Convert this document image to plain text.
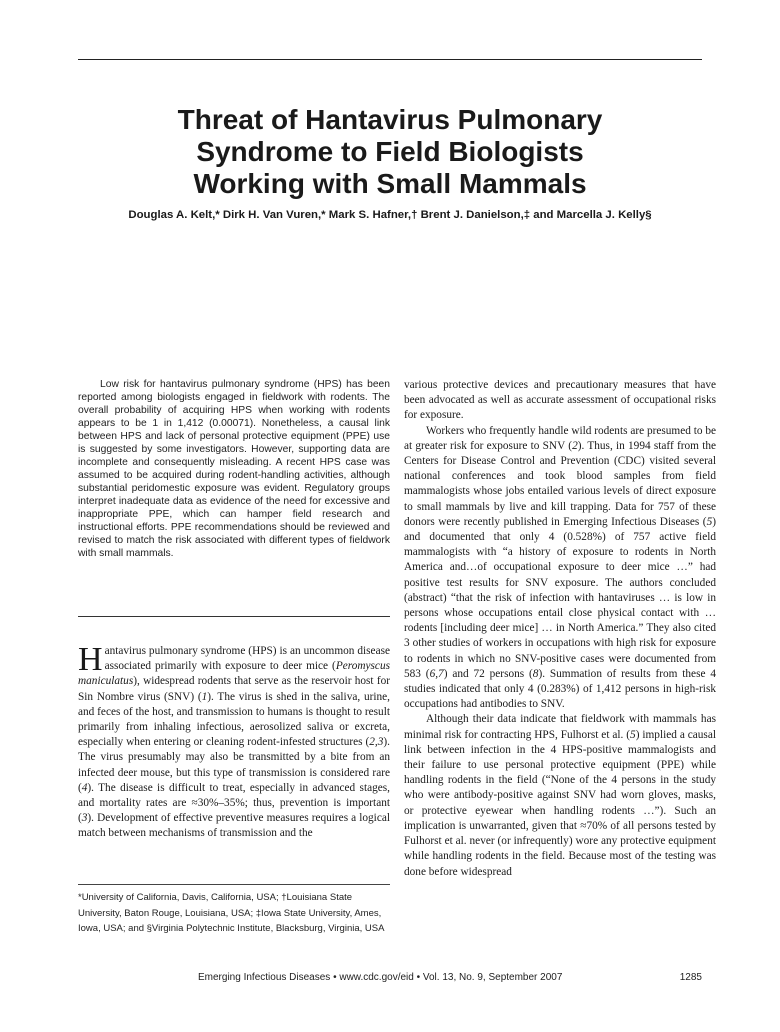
Threat of Hantavirus Pulmonary
Syndrome to Field Biologists
Working with Small Mammals
Douglas A. Kelt,* Dirk H. Van Vuren,* Mark S. Hafner,† Brent J. Danielson,‡ and Marcella J. Kelly§

Low risk for hantavirus pulmonary syndrome (HPS) has been reported among biologists engaged in fieldwork with rodents. The overall probability of acquiring HPS when working with rodents appears to be 1 in 1,412 (0.00071). Nonetheless, a causal link between HPS and lack of personal protective equipment (PPE) use is suggested by some investigators. However, supporting data are incomplete and consequently misleading. A recent HPS case was assumed to be acquired during rodent-handling activities, although substantial peridomestic exposure was evident. Regulatory groups interpret inadequate data as evidence of the need for excessive and inappropriate PPE, which can hamper field research and instructional efforts. PPE recommendations should be reviewed and revised to match the risk associated with different types of fieldwork with small mammals.

Hantavirus pulmonary syndrome (HPS) is an uncommon disease associated primarily with exposure to deer mice (Peromyscus maniculatus), widespread rodents that serve as the reservoir host for Sin Nombre virus (SNV) (1). The virus is shed in the saliva, urine, and feces of the host, and transmission to humans is thought to result primarily from inhaling infectious, aerosolized saliva or excreta, especially when entering or cleaning rodent-infested structures (2,3). The virus presumably may also be transmitted by a bite from an infected deer mouse, but this type of transmission is considered rare (4). The disease is difficult to treat, especially in advanced stages, and mortality rates are ≈30%–35%; thus, prevention is important (3). Development of effective preventive measures requires a logical match between mechanisms of transmission and the

various protective devices and precautionary measures that have been advocated as well as accurate assessment of occupational risks for exposure.

Workers who frequently handle wild rodents are presumed to be at greater risk for exposure to SNV (2). Thus, in 1994 staff from the Centers for Disease Control and Prevention (CDC) visited several national conferences and took blood samples from field mammalogists whose jobs entailed various levels of direct exposure to small mammals by live and kill trapping. Data for 757 of these donors were recently published in Emerging Infectious Diseases (5) and documented that only 4 (0.528%) of 757 active field mammalogists with “a history of exposure to rodents in North America and…of occupational exposure to deer mice …” had positive test results for SNV exposure. The authors concluded (abstract) “that the risk of infection with hantaviruses … is low in persons whose occupations entail close physical contact with … rodents [including deer mice] … in North America.” They also cited 3 other studies of workers in occupations with high risk for exposure to rodents in which no SNV-positive cases were documented from 583 (6,7) and 72 persons (8). Summation of results from these 4 studies indicated that only 4 (0.283%) of 1,412 persons in high-risk occupations had antibodies to SNV.

Although their data indicate that fieldwork with mammals has minimal risk for contracting HPS, Fulhorst et al. (5) implied a causal link between infection in the 4 HPS-positive mammalogists and their failure to use personal protective equipment (PPE) while handling rodents in the field (“None of the 4 persons in the study who were antibody-positive against SNV had worn gloves, masks, or protective eyewear when handling rodents …”). Such an implication is unwarranted, given that ≈70% of all persons tested by Fulhorst et al. never (or infrequently) wore any protective equipment while handling rodents in the field. Because most of the testing was done before widespread

*University of California, Davis, California, USA; †Louisiana State University, Baton Rouge, Louisiana, USA; ‡Iowa State University, Ames, Iowa, USA; and §Virginia Polytechnic Institute, Blacksburg, Virginia, USA

Emerging Infectious Diseases • www.cdc.gov/eid • Vol. 13, No. 9, September 2007	1285
